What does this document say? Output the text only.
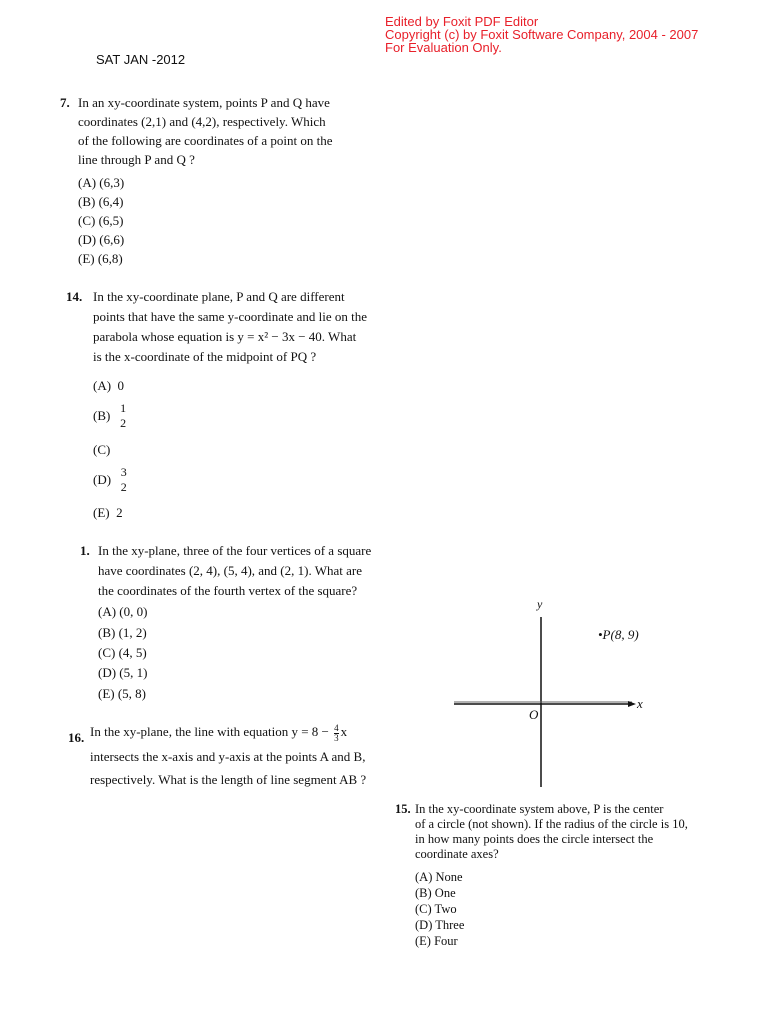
Edited by Foxit PDF Editor
Copyright (c) by Foxit Software Company, 2004 - 2007
For Evaluation Only.
SAT JAN -2012
7. In an xy-coordinate system, points P and Q have
coordinates (2,1) and (4,2), respectively. Which
of the following are coordinates of a point on the
line through P and Q ?
(A) (6,3)
(B) (6,4)
(C) (6,5)
(D) (6,6)
(E) (6,8)
14. In the xy-coordinate plane, P and Q are different
points that have the same y-coordinate and lie on the
parabola whose equation is y = x² − 3x − 40. What
is the x-coordinate of the midpoint of PQ ?
(A) 0
(B) 1
2
(C)
(D) 3
2
(E) 2
1. In the xy-plane, three of the four vertices of a square
have coordinates (2, 4), (5, 4), and (2, 1). What are
the coordinates of the fourth vertex of the square?
(A) (0, 0)
(B) (1, 2)
(C) (4, 5)
(D) (5, 1)
(E) (5, 8)
16. In the xy-plane, the line with equation $y = 8 - \frac{4}{3}$ x
intersects the x-axis and y-axis at the points A and B,
respectively. What is the length of line segment AB ?
y
x
O
•P(8, 9)
15. In the xy-coordinate system above, P is the center
of a circle (not shown). If the radius of the circle is 10,
in how many points does the circle intersect the
coordinate axes?
(A) None
(B) One
(C) Two
(D) Three
(E) Four
